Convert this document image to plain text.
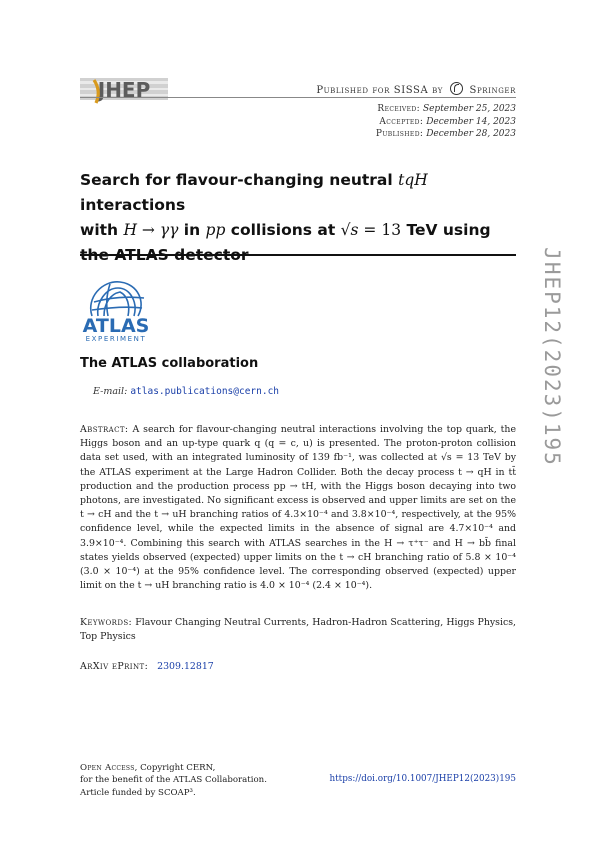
JHEP	Published for SISSA by	Springer
Received: September 25, 2023
Accepted: December 14, 2023
Published: December 28, 2023
Search for flavour-changing neutral tqH interactions
with H → γγ in pp collisions at √s = 13 TeV using
the ATLAS detector	JHEP12(2023)195
ATLAS
EXPERIMENT
The ATLAS collaboration
E-mail: atlas.publications@cern.ch
Abstract: A search for flavour-changing neutral interactions involving the top quark, the Higgs boson and an up-type quark q (q = c, u) is presented. The proton-proton collision data set used, with an integrated luminosity of 139 fb⁻¹, was collected at √s = 13 TeV by the ATLAS experiment at the Large Hadron Collider. Both the decay process t → qH in tt̄ production and the production process pp → tH, with the Higgs boson decaying into two photons, are investigated. No significant excess is observed and upper limits are set on the t → cH and the t → uH branching ratios of 4.3×10⁻⁴ and 3.8×10⁻⁴, respectively, at the 95% confidence level, while the expected limits in the absence of signal are 4.7×10⁻⁴ and 3.9×10⁻⁴. Combining this search with ATLAS searches in the H → τ⁺τ⁻ and H → bb̄ final states yields observed (expected) upper limits on the t → cH branching ratio of 5.8 × 10⁻⁴ (3.0 × 10⁻⁴) at the 95% confidence level. The corresponding observed (expected) upper limit on the t → uH branching ratio is 4.0 × 10⁻⁴ (2.4 × 10⁻⁴).
Keywords: Flavour Changing Neutral Currents, Hadron-Hadron Scattering, Higgs Physics, Top Physics
ArXiv ePrint: 2309.12817
Open Access, Copyright CERN,
for the benefit of the ATLAS Collaboration.
Article funded by SCOAP³.
https://doi.org/10.1007/JHEP12(2023)195
